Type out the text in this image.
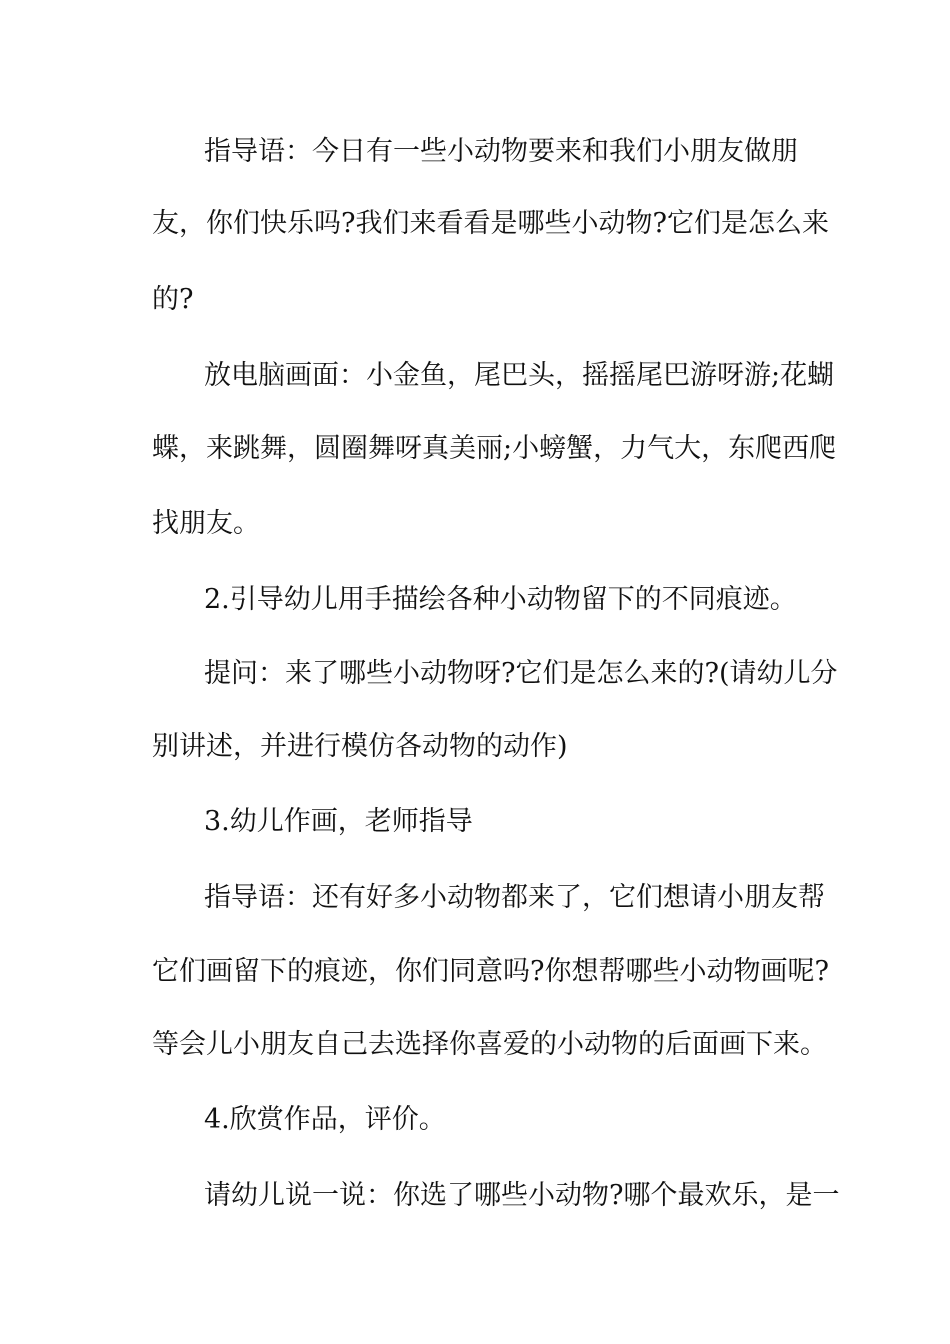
指导语：今日有一些小动物要来和我们小朋友做朋

友，你们快乐吗?我们来看看是哪些小动物?它们是怎么来

的?

放电脑画面：小金鱼，尾巴头，摇摇尾巴游呀游;花蝴

蝶，来跳舞，圆圈舞呀真美丽;小螃蟹，力气大，东爬西爬

找朋友。

2.引导幼儿用手描绘各种小动物留下的不同痕迹。

提问：来了哪些小动物呀?它们是怎么来的?(请幼儿分

别讲述，并进行模仿各动物的动作)

3.幼儿作画，老师指导

指导语：还有好多小动物都来了，它们想请小朋友帮

它们画留下的痕迹，你们同意吗?你想帮哪些小动物画呢?

等会儿小朋友自己去选择你喜爱的小动物的后面画下来。

4.欣赏作品，评价。

请幼儿说一说：你选了哪些小动物?哪个最欢乐，是一
